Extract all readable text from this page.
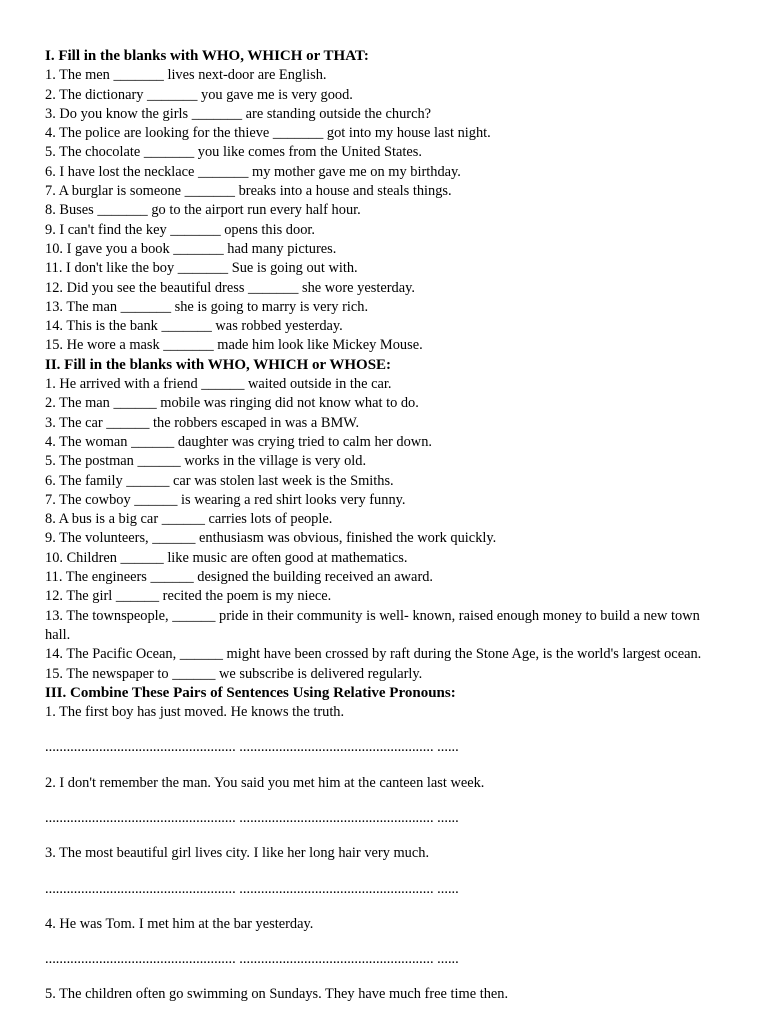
I. Fill in the blanks with WHO, WHICH or THAT:
1. The men _______ lives next-door are English.
2. The dictionary _______ you gave me is very good.
3. Do you know the girls _______ are standing outside the church?
4. The police are looking for the thieve _______ got into my house last night.
5. The chocolate _______ you like comes from the United States.
6. I have lost the necklace _______ my mother gave me on my birthday.
7. A burglar is someone _______ breaks into a house and steals things.
8. Buses _______ go to the airport run every half hour.
9. I can't find the key _______ opens this door.
10. I gave you a book _______ had many pictures.
11. I don't like the boy _______ Sue is going out with.
12. Did you see the beautiful dress _______ she wore yesterday.
13. The man _______ she is going to marry is very rich.
14. This is the bank _______ was robbed yesterday.
15. He wore a mask _______ made him look like Mickey Mouse.
II. Fill in the blanks with WHO, WHICH or WHOSE:
1. He arrived with a friend ______ waited outside in the car.
2. The man ______ mobile was ringing did not know what to do.
3. The car ______ the robbers escaped in was a BMW.
4. The woman ______ daughter was crying tried to calm her down.
5. The postman ______ works in the village is very old.
6. The family ______ car was stolen last week is the Smiths.
7. The cowboy ______ is wearing a red shirt looks very funny.
8. A bus is a big car ______ carries lots of people.
9. The volunteers, ______ enthusiasm was obvious, finished the work quickly.
10. Children ______ like music are often good at mathematics.
11. The engineers ______ designed the building received an award.
12. The girl ______ recited the poem is my niece.
13. The townspeople, ______ pride in their community is well- known, raised enough money to build a new town hall.
14. The Pacific Ocean, ______ might have been crossed by raft during the Stone Age, is the world's largest ocean.
15. The newspaper to ______ we subscribe is delivered regularly.
III. Combine These Pairs of Sentences Using Relative Pronouns:
1. The first boy has just moved. He knows the truth.
..................................................... ...................................................... ......
2. I don't remember the man. You said you met him at the canteen last week.
..................................................... ...................................................... ......
3. The most beautiful girl lives city. I like her long hair very much.
..................................................... ...................................................... ......
4. He was Tom. I met him at the bar yesterday.
..................................................... ...................................................... ......
5. The children often go swimming on Sundays. They have much free time then.
